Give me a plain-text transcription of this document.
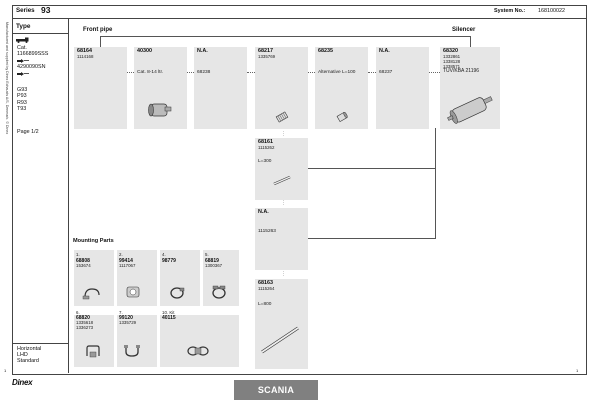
Series 93	System No.: 168100022
Type
Cat.
1166899SSS
4290090SN
G93
P93
R93
T93
Page 1/2
Horizontal
LHD
Standard
Manufactured and supplied by Dinex Exhausts A/S, Denmark. © Dinex	Front pipe	Silencer
Mounting Parts
68164
1114168
40300
Cat. 8-14 ltr.
N.A.
68238
68217
1335769
68235
Alternative L=100
N.A.
68237
68320
1332861
1338128
1338571
TUV/KBA 21196
⋮
68161
1115262
L=300
⋮
N.A.
1115263
⋮
68163
1115264
L=800
1.
68808
153674
2.
99414
1117067
4.
98779
5.
68819
1300367
6.
68820
1335618
1336273
7.
99120
1335729
10. Kit
40115
Dinex
SCANIA
1	1
